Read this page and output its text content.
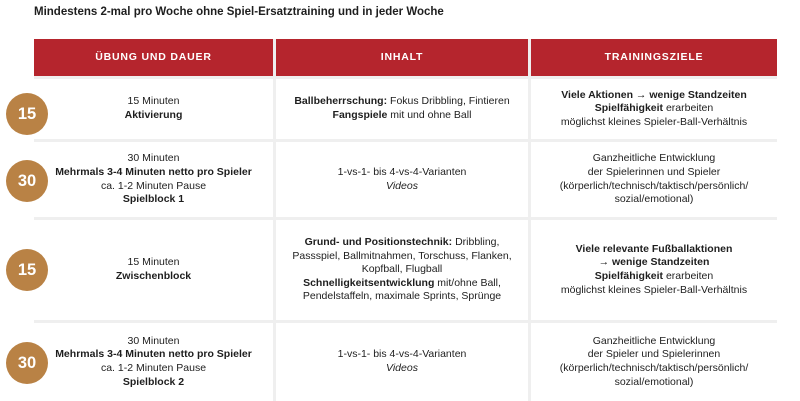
Mindestens 2-mal pro Woche ohne Spiel-Ersatztraining und in jeder Woche
ÜBUNG UND DAUER	INHALT	TRAININGSZIELE
15 Minuten
Aktivierung
Ballbeherrschung: Fokus Dribbling, Fintieren
Fangspiele mit und ohne Ball
Viele Aktionen → wenige Standzeiten
Spielfähigkeit erarbeiten
möglichst kleines Spieler-Ball-Verhältnis
30 Minuten
Mehrmals 3-4 Minuten netto pro Spieler
ca. 1-2 Minuten Pause
Spielblock 1
1-vs-1- bis 4-vs-4-Varianten
Videos
Ganzheitliche Entwicklung
der Spielerinnen und Spieler
(körperlich/technisch/taktisch/persönlich/
sozial/emotional)
15 Minuten
Zwischenblock
Grund- und Positionstechnik: Dribbling,
Passspiel, Ballmitnahmen, Torschuss, Flanken,
Kopfball, Flugball
Schnelligkeitsentwicklung mit/ohne Ball,
Pendelstaffeln, maximale Sprints, Sprünge
Viele relevante Fußballaktionen
→ wenige Standzeiten
Spielfähigkeit erarbeiten
möglichst kleines Spieler-Ball-Verhältnis
30 Minuten
Mehrmals 3-4 Minuten netto pro Spieler
ca. 1-2 Minuten Pause
Spielblock 2
1-vs-1- bis 4-vs-4-Varianten
Videos
Ganzheitliche Entwicklung
der Spieler und Spielerinnen
(körperlich/technisch/taktisch/persönlich/
sozial/emotional)
15
30
15
30
